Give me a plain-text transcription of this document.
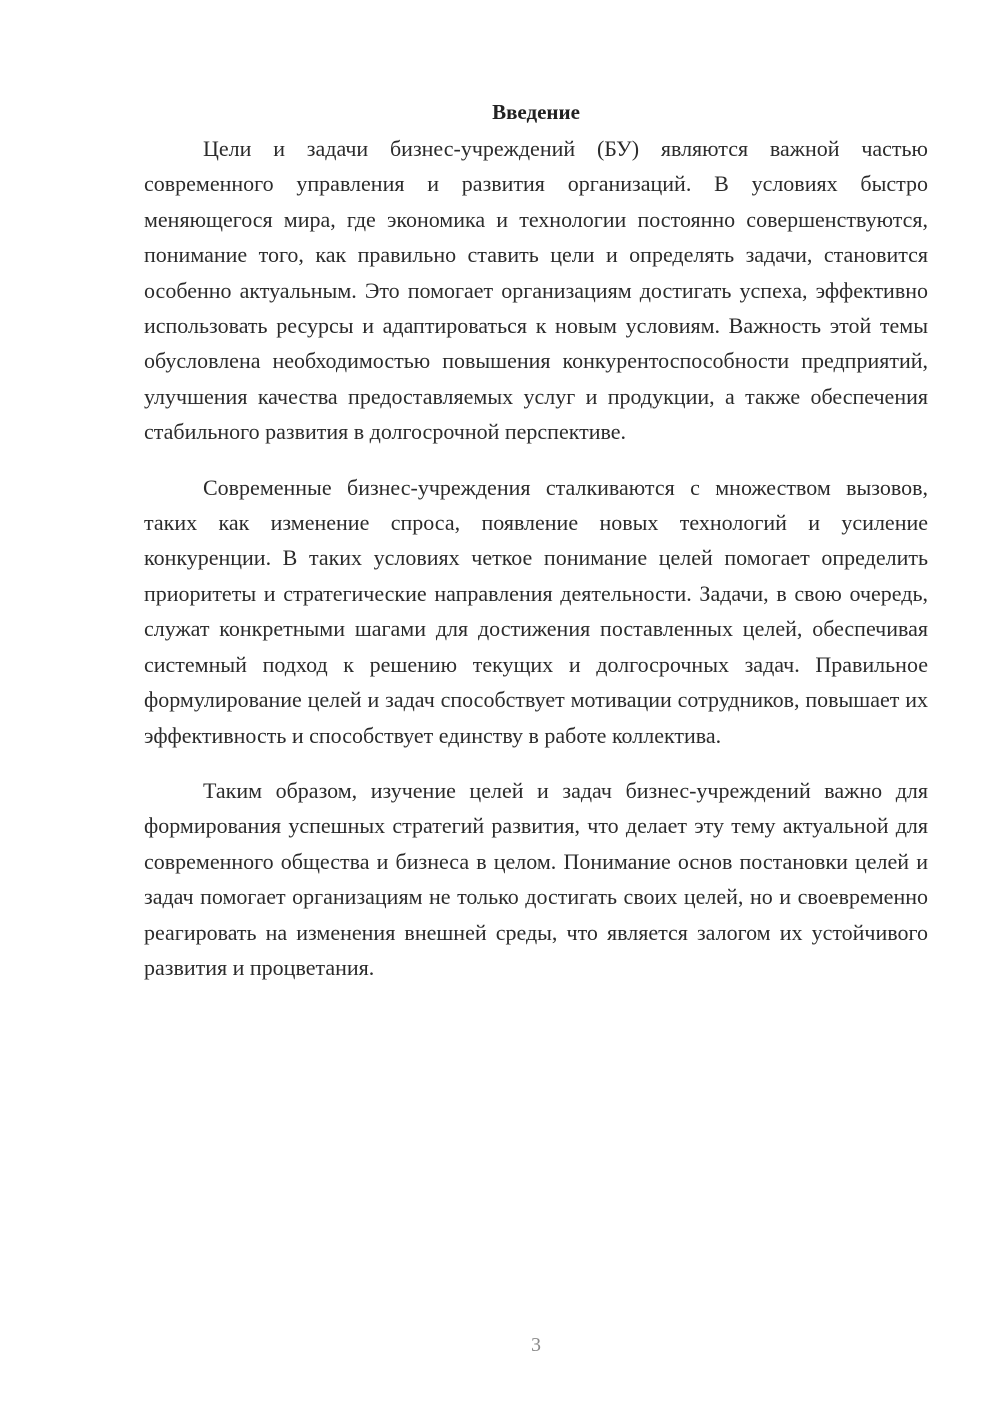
Введение

Цели и задачи бизнес-учреждений (БУ) являются важной частью современного управления и развития организаций. В условиях быстро меняющегося мира, где экономика и технологии постоянно совершенствуются, понимание того, как правильно ставить цели и определять задачи, становится особенно актуальным. Это помогает организациям достигать успеха, эффективно использовать ресурсы и адаптироваться к новым условиям. Важность этой темы обусловлена необходимостью повышения конкурентоспособности предприятий, улучшения качества предоставляемых услуг и продукции, а также обеспечения стабильного развития в долгосрочной перспективе.

Современные бизнес-учреждения сталкиваются с множеством вызовов, таких как изменение спроса, появление новых технологий и усиление конкуренции. В таких условиях четкое понимание целей помогает определить приоритеты и стратегические направления деятельности. Задачи, в свою очередь, служат конкретными шагами для достижения поставленных целей, обеспечивая системный подход к решению текущих и долгосрочных задач. Правильное формулирование целей и задач способствует мотивации сотрудников, повышает их эффективность и способствует единству в работе коллектива.

Таким образом, изучение целей и задач бизнес-учреждений важно для формирования успешных стратегий развития, что делает эту тему актуальной для современного общества и бизнеса в целом. Понимание основ постановки целей и задач помогает организациям не только достигать своих целей, но и своевременно реагировать на изменения внешней среды, что является залогом их устойчивого развития и процветания.

3
